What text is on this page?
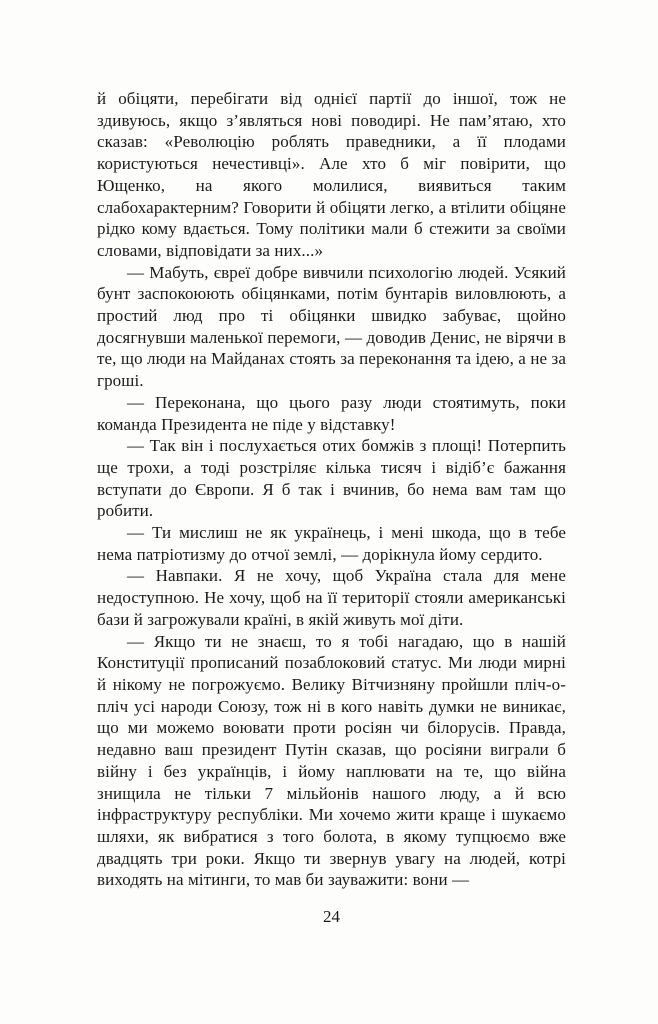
й обіцяти, перебігати від однієї партії до іншої, тож не здивуюсь, якщо з’являться нові поводирі. Не пам’ятаю, хто сказав: «Революцію роблять праведники, а її плодами користуються нечестивці». Але хто б міг повірити, що Ющенко, на якого молилися, виявиться таким слабохарактерним? Говорити й обіцяти легко, а втілити обіцяне рідко кому вдається. Тому політики мали б стежити за своїми словами, відповідати за них...»

— Мабуть, євреї добре вивчили психологію людей. Усякий бунт заспокоюють обіцянками, потім бунтарів виловлюють, а простий люд про ті обіцянки швидко забуває, щойно досягнувши маленької перемоги, — доводив Денис, не вірячи в те, що люди на Майданах стоять за переконання та ідею, а не за гроші.

— Переконана, що цього разу люди стоятимуть, поки команда Президента не піде у відставку!

— Так він і послухається отих бомжів з площі! Потерпить ще трохи, а тоді розстріляє кілька тисяч і відіб’є бажання вступати до Європи. Я б так і вчинив, бо нема вам там що робити.

— Ти мислиш не як українець, і мені шкода, що в тебе нема патріотизму до отчої землі, — дорікнула йому сердито.

— Навпаки. Я не хочу, щоб Україна стала для мене недоступною. Не хочу, щоб на її території стояли американські бази й загрожували країні, в якій живуть мої діти.

— Якщо ти не знаєш, то я тобі нагадаю, що в нашій Конституції прописаний позаблоковий статус. Ми люди мирні й нікому не погрожуємо. Велику Вітчизняну пройшли пліч-о-пліч усі народи Союзу, тож ні в кого навіть думки не виникає, що ми можемо воювати проти росіян чи білорусів. Правда, недавно ваш президент Путін сказав, що росіяни виграли б війну і без українців, і йому наплювати на те, що війна знищила не тільки 7 мільйонів нашого люду, а й всю інфраструктуру республіки. Ми хочемо жити краще і шукаємо шляхи, як вибратися з того болота, в якому тупцюємо вже двадцять три роки. Якщо ти звернув увагу на людей, котрі виходять на мітинги, то мав би зауважити: вони —

24
